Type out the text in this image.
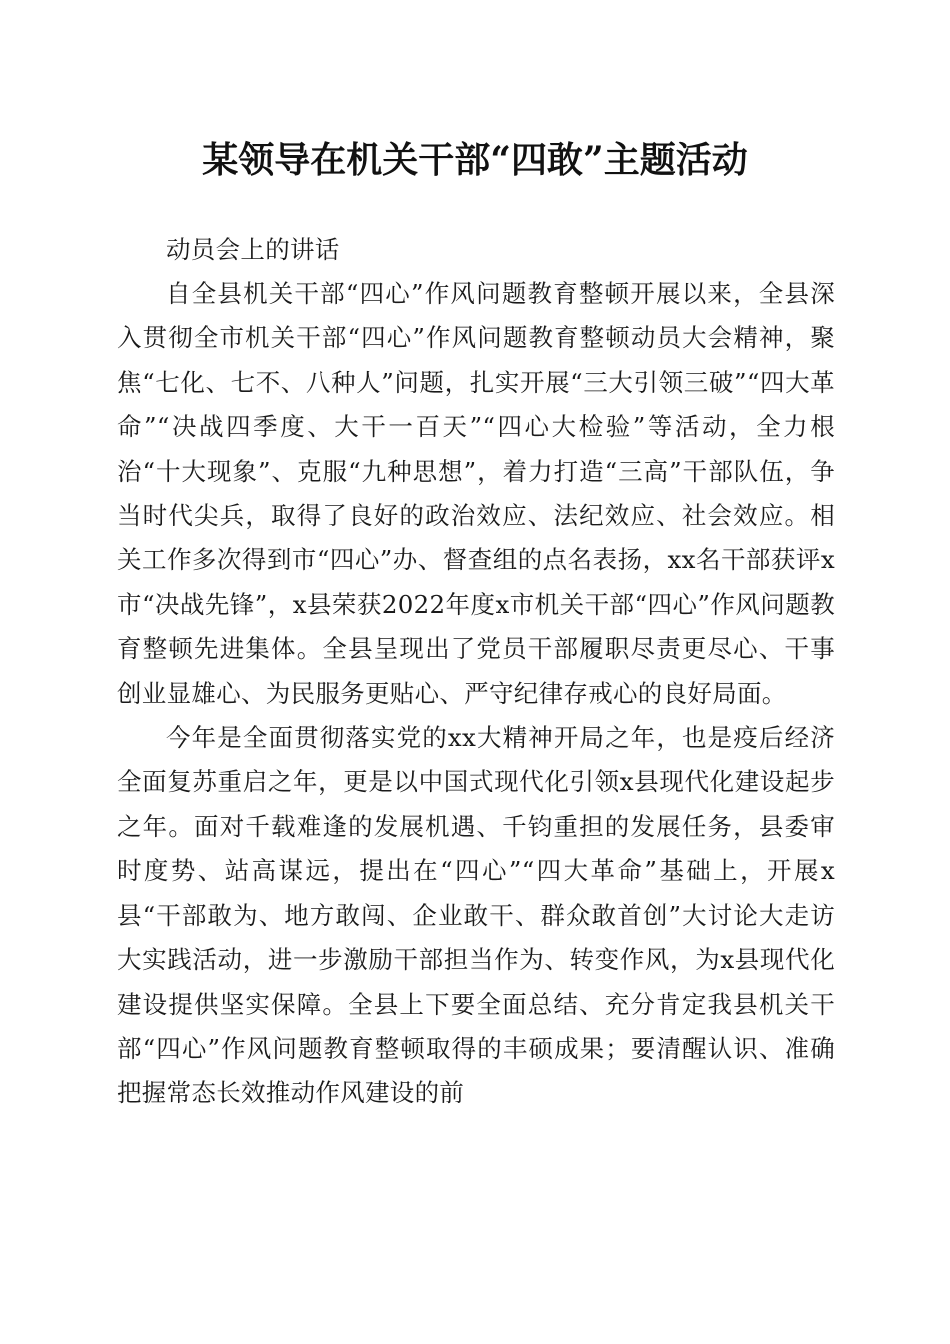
某领导在机关干部“四敢”主题活动

动员会上的讲话

自全县机关干部“四心”作风问题教育整顿开展以来，全县深入贯彻全市机关干部“四心”作风问题教育整顿动员大会精神，聚焦“七化、七不、八种人”问题，扎实开展“三大引领三破”“四大革命”“决战四季度、大干一百天”“四心大检验”等活动，全力根治“十大现象”、克服“九种思想”，着力打造“三高”干部队伍，争当时代尖兵，取得了良好的政治效应、法纪效应、社会效应。相关工作多次得到市“四心”办、督查组的点名表扬，xx名干部获评x市“决战先锋”，x县荣获2022年度x市机关干部“四心”作风问题教育整顿先进集体。全县呈现出了党员干部履职尽责更尽心、干事创业显雄心、为民服务更贴心、严守纪律存戒心的良好局面。

今年是全面贯彻落实党的xx大精神开局之年，也是疫后经济全面复苏重启之年，更是以中国式现代化引领x县现代化建设起步之年。面对千载难逢的发展机遇、千钧重担的发展任务，县委审时度势、站高谋远，提出在“四心”“四大革命”基础上，开展x县“干部敢为、地方敢闯、企业敢干、群众敢首创”大讨论大走访大实践活动，进一步激励干部担当作为、转变作风，为x县现代化建设提供坚实保障。全县上下要全面总结、充分肯定我县机关干部“四心”作风问题教育整顿取得的丰硕成果；要清醒认识、准确把握常态长效推动作风建设的前
